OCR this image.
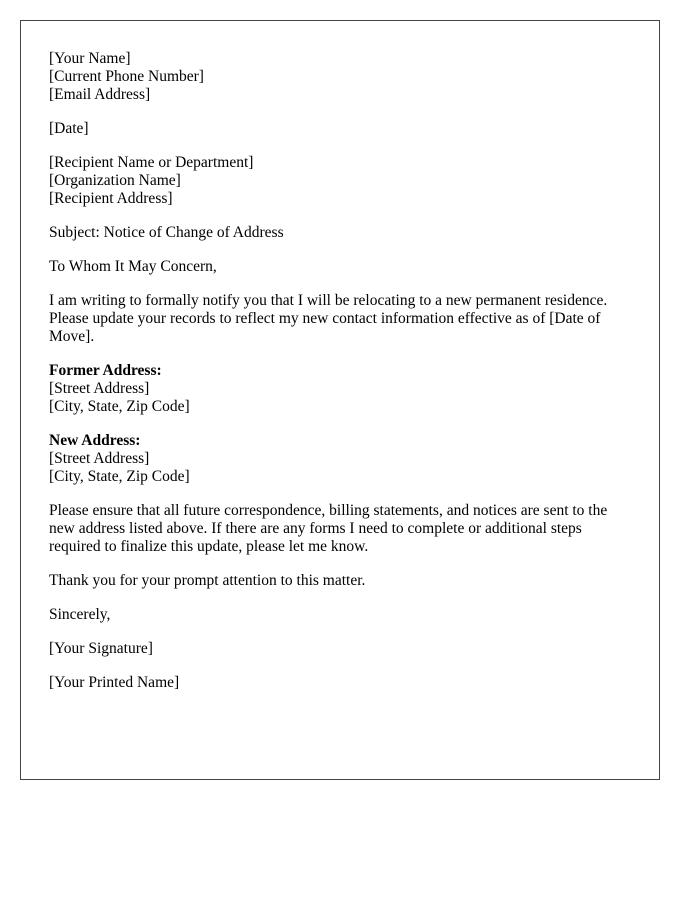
[Your Name]
[Current Phone Number]
[Email Address]
[Date]
[Recipient Name or Department]
[Organization Name]
[Recipient Address]
Subject: Notice of Change of Address
To Whom It May Concern,

I am writing to formally notify you that I will be relocating to a new permanent residence. Please update your records to reflect my new contact information effective as of [Date of Move].

Former Address:
[Street Address]
[City, State, Zip Code]
New Address:
[Street Address]
[City, State, Zip Code]

Please ensure that all future correspondence, billing statements, and notices are sent to the new address listed above. If there are any forms I need to complete or additional steps required to finalize this update, please let me know.

Thank you for your prompt attention to this matter.
Sincerely,
[Your Signature]
[Your Printed Name]
